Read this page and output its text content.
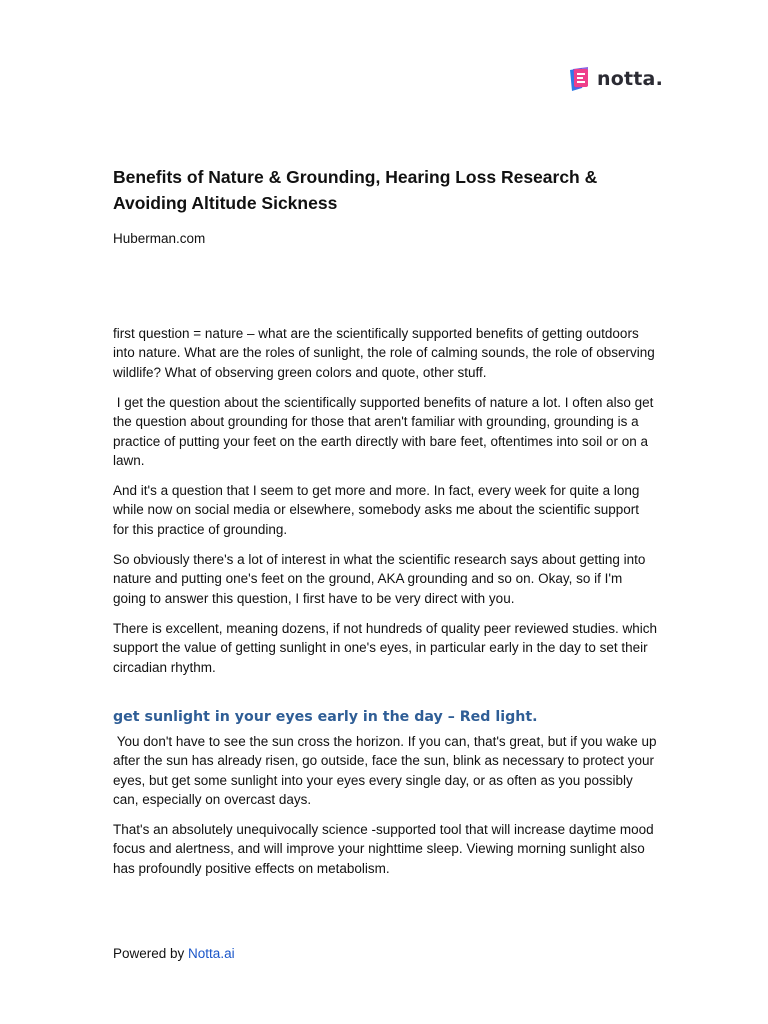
notta.
Benefits of Nature & Grounding, Hearing Loss Research & Avoiding Altitude Sickness

Huberman.com

first question = nature – what are the scientifically supported benefits of getting outdoors into nature. What are the roles of sunlight, the role of calming sounds, the role of observing wildlife? What of observing green colors and quote, other stuff.

I get the question about the scientifically supported benefits of nature a lot. I often also get the question about grounding for those that aren't familiar with grounding, grounding is a practice of putting your feet on the earth directly with bare feet, oftentimes into soil or on a lawn.

And it's a question that I seem to get more and more. In fact, every week for quite a long while now on social media or elsewhere, somebody asks me about the scientific support for this practice of grounding.

So obviously there's a lot of interest in what the scientific research says about getting into nature and putting one's feet on the ground, AKA grounding and so on. Okay, so if I'm going to answer this question, I first have to be very direct with you.

There is excellent, meaning dozens, if not hundreds of quality peer reviewed studies. which support the value of getting sunlight in one's eyes, in particular early in the day to set their circadian rhythm.

get sunlight in your eyes early in the day – Red light.

You don't have to see the sun cross the horizon. If you can, that's great, but if you wake up after the sun has already risen, go outside, face the sun, blink as necessary to protect your eyes, but get some sunlight into your eyes every single day, or as often as you possibly can, especially on overcast days.

That's an absolutely unequivocally science -supported tool that will increase daytime mood focus and alertness, and will improve your nighttime sleep. Viewing morning sunlight also has profoundly positive effects on metabolism.

Powered by Notta.ai
